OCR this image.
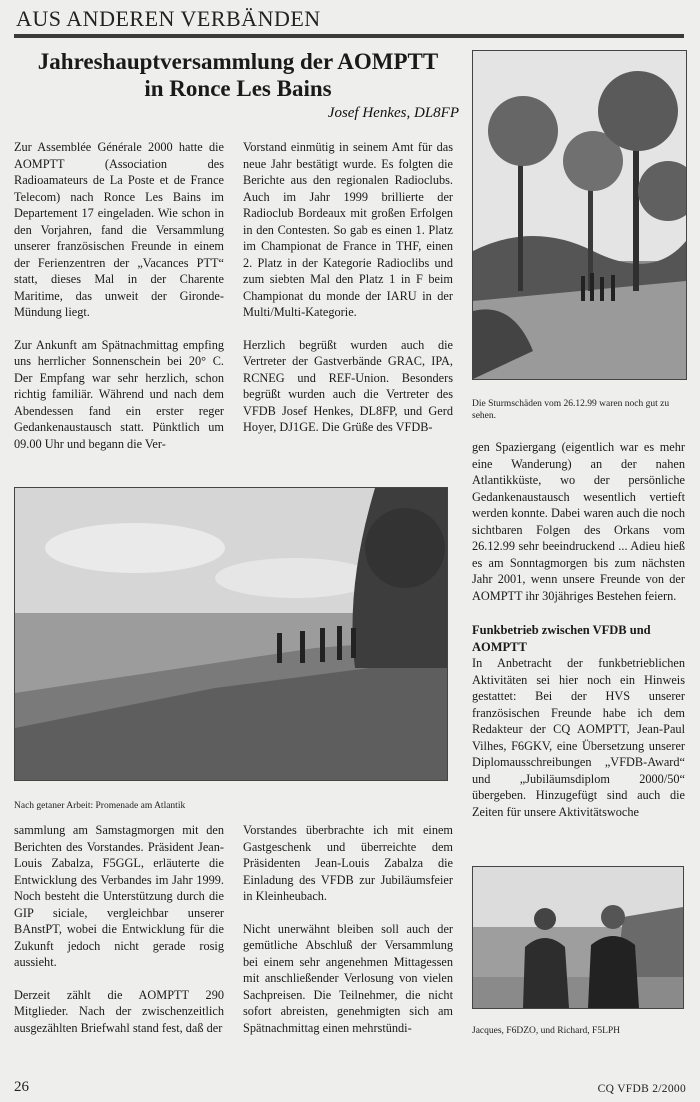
AUS ANDEREN VERBÄNDEN
Jahreshauptversammlung der AOMPTT
in Ronce Les Bains
Josef Henkes, DL8FP

Zur Assemblée Générale 2000 hatte die AOMPTT (Association des Radioamateurs de La Poste et de France Telecom) nach Ronce Les Bains im Departement 17 eingeladen. Wie schon in den Vorjahren, fand die Versammlung unserer französischen Freunde in einem der Ferienzentren der „Vacances PTT“ statt, dieses Mal in der Charente Maritime, das unweit der Gironde-Mündung liegt.

Zur Ankunft am Spätnachmittag empfing uns herrlicher Sonnenschein bei 20° C. Der Empfang war sehr herzlich, schon richtig familiär. Während und nach dem Abendessen fand ein erster reger Gedankenaustausch statt. Pünktlich um 09.00 Uhr und begann die Ver-

Vorstand einmütig in seinem Amt für das neue Jahr bestätigt wurde. Es folgten die Berichte aus den regionalen Radioclubs. Auch im Jahr 1999 brillierte der Radioclub Bordeaux mit großen Erfolgen in den Contesten. So gab es einen 1. Platz im Championat de France in THF, einen 2. Platz in der Kategorie Radioclibs und zum siebten Mal den Platz 1 in F beim Championat du monde der IARU in der Multi/Multi-Kategorie.

Herzlich begrüßt wurden auch die Vertreter der Gastverbände GRAC, IPA, RCNEG und REF-Union. Besonders begrüßt wurden auch die Vertreter des VFDB Josef Henkes, DL8FP, und Gerd Hoyer, DJ1GE. Die Grüße des VFDB-

Die Sturmschäden vom 26.12.99 waren noch gut zu sehen.

gen Spaziergang (eigentlich war es mehr eine Wanderung) an der nahen Atlantikküste, wo der persönliche Gedankenaustausch wesentlich vertieft werden konnte. Dabei waren auch die noch sichtbaren Folgen des Orkans vom 26.12.99 sehr beeindruckend ... Adieu hieß es am Sonntagmorgen bis zum nächsten Jahr 2001, wenn unsere Freunde von der AOMPTT ihr 30jähriges Bestehen feiern.

Funkbetrieb zwischen VFDB und AOMPTT

In Anbetracht der funkbetrieblichen Aktivitäten sei hier noch ein Hinweis gestattet: Bei der HVS unserer französischen Freunde habe ich dem Redakteur der CQ AOMPTT, Jean-Paul Vilhes, F6GKV, eine Übersetzung unserer Diplomausschreibungen „VFDB-Award“ und „Jubiläumsdiplom 2000/50“ übergeben. Hinzugefügt sind auch die Zeiten für unsere Aktivitätswoche

Nach getaner Arbeit: Promenade am Atlantik

sammlung am Samstagmorgen mit den Berichten des Vorstandes. Präsident Jean-Louis Zabalza, F5GGL, erläuterte die Entwicklung des Verbandes im Jahr 1999. Noch besteht die Unterstützung durch die GIP siciale, vergleichbar unserer BAnstPT, wobei die Entwicklung für die Zukunft jedoch nicht gerade rosig aussieht.

Derzeit zählt die AOMPTT 290 Mitglieder. Nach der zwischenzeitlich ausgezählten Briefwahl stand fest, daß der

Vorstandes überbrachte ich mit einem Gastgeschenk und überreichte dem Präsidenten Jean-Louis Zabalza die Einladung des VFDB zur Jubiläumsfeier in Kleinheubach.

Nicht unerwähnt bleiben soll auch der gemütliche Abschluß der Versammlung bei einem sehr angenehmen Mittagessen mit anschließender Verlosung von vielen Sachpreisen. Die Teilnehmer, die nicht sofort abreisten, genehmigten sich am Spätnachmittag einen mehrstündi-	Jacques, F6DZO, und Richard, F5LPH
26	CQ VFDB 2/2000
